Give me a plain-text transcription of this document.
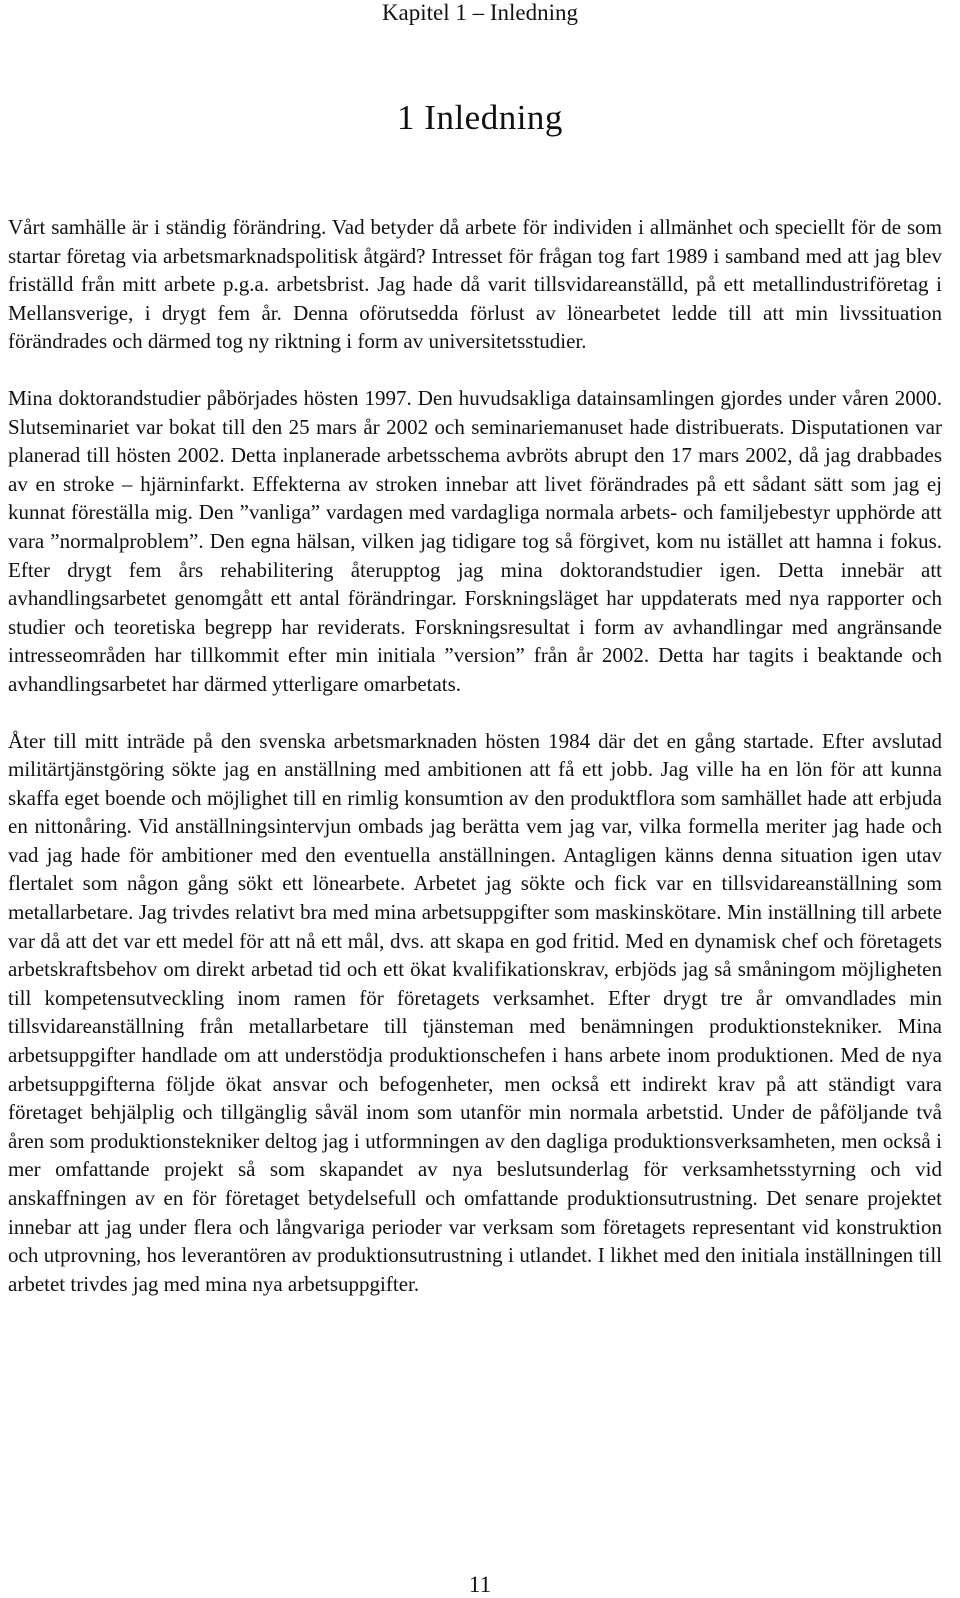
Kapitel 1 – Inledning
1 Inledning

Vårt samhälle är i ständig förändring. Vad betyder då arbete för individen i allmänhet och speciellt för de som startar företag via arbetsmarknadspolitisk åtgärd? Intresset för frågan tog fart 1989 i samband med att jag blev friställd från mitt arbete p.g.a. arbetsbrist. Jag hade då varit tillsvidareanställd, på ett metallindustriföretag i Mellansverige, i drygt fem år. Denna oförutsedda förlust av lönearbetet ledde till att min livssituation förändrades och därmed tog ny riktning i form av universitetsstudier.

Mina doktorandstudier påbörjades hösten 1997. Den huvudsakliga datainsamlingen gjordes under våren 2000. Slutseminariet var bokat till den 25 mars år 2002 och seminariemanuset hade distribuerats. Disputationen var planerad till hösten 2002. Detta inplanerade arbetsschema avbröts abrupt den 17 mars 2002, då jag drabbades av en stroke – hjärninfarkt. Effekterna av stroken innebar att livet förändrades på ett sådant sätt som jag ej kunnat föreställa mig. Den ”vanliga” vardagen med vardagliga normala arbets- och familjebestyr upphörde att vara ”normalproblem”. Den egna hälsan, vilken jag tidigare tog så förgivet, kom nu istället att hamna i fokus. Efter drygt fem års rehabilitering återupptog jag mina doktorandstudier igen. Detta innebär att avhandlingsarbetet genomgått ett antal förändringar. Forskningsläget har uppdaterats med nya rapporter och studier och teoretiska begrepp har reviderats. Forskningsresultat i form av avhandlingar med angränsande intresseområden har tillkommit efter min initiala ”version” från år 2002. Detta har tagits i beaktande och avhandlingsarbetet har därmed ytterligare omarbetats.

Åter till mitt inträde på den svenska arbetsmarknaden hösten 1984 där det en gång startade. Efter avslutad militärtjänstgöring sökte jag en anställning med ambitionen att få ett jobb. Jag ville ha en lön för att kunna skaffa eget boende och möjlighet till en rimlig konsumtion av den produktflora som samhället hade att erbjuda en nittonåring. Vid anställningsintervjun ombads jag berätta vem jag var, vilka formella meriter jag hade och vad jag hade för ambitioner med den eventuella anställningen. Antagligen känns denna situation igen utav flertalet som någon gång sökt ett lönearbete. Arbetet jag sökte och fick var en tillsvidareanställning som metallarbetare. Jag trivdes relativt bra med mina arbetsuppgifter som maskinskötare. Min inställning till arbete var då att det var ett medel för att nå ett mål, dvs. att skapa en god fritid. Med en dynamisk chef och företagets arbetskraftsbehov om direkt arbetad tid och ett ökat kvalifikationskrav, erbjöds jag så småningom möjligheten till kompetensutveckling inom ramen för företagets verksamhet. Efter drygt tre år omvandlades min tillsvidareanställning från metallarbetare till tjänsteman med benämningen produktionstekniker. Mina arbetsuppgifter handlade om att understödja produktionschefen i hans arbete inom produktionen. Med de nya arbetsuppgifterna följde ökat ansvar och befogenheter, men också ett indirekt krav på att ständigt vara företaget behjälplig och tillgänglig såväl inom som utanför min normala arbetstid. Under de påföljande två åren som produktionstekniker deltog jag i utformningen av den dagliga produktionsverksamheten, men också i mer omfattande projekt så som skapandet av nya beslutsunderlag för verksamhetsstyrning och vid anskaffningen av en för företaget betydelsefull och omfattande produktionsutrustning. Det senare projektet innebar att jag under flera och långvariga perioder var verksam som företagets representant vid konstruktion och utprovning, hos leverantören av produktionsutrustning i utlandet. I likhet med den initiala inställningen till arbetet trivdes jag med mina nya arbetsuppgifter.

11
